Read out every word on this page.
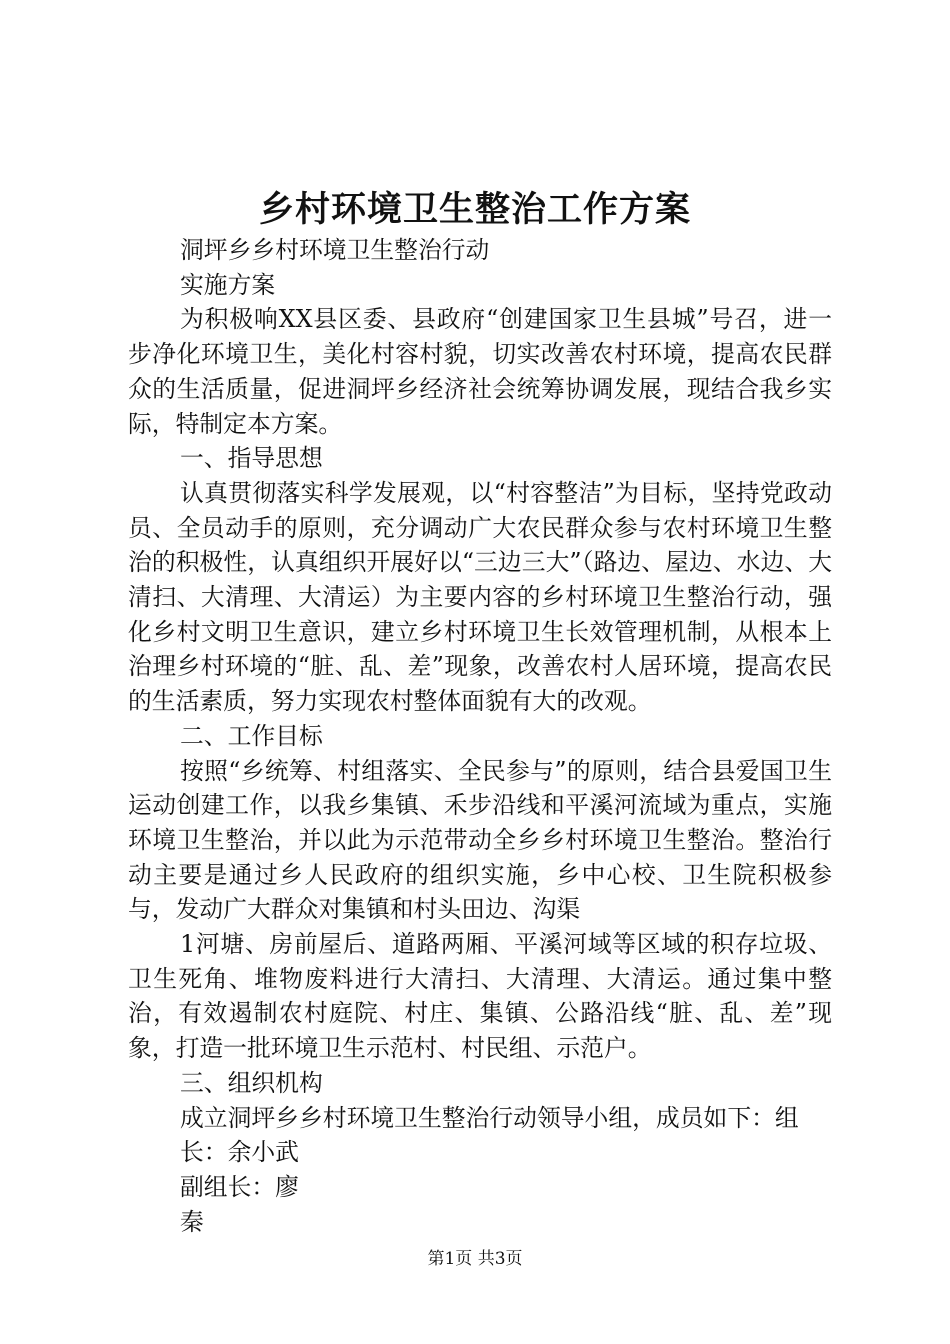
乡村环境卫生整治工作方案

洞坪乡乡村环境卫生整治行动

实施方案

为积极响XX县区委、县政府“创建国家卫生县城”号召，进一步净化环境卫生，美化村容村貌，切实改善农村环境，提高农民群众的生活质量，促进洞坪乡经济社会统筹协调发展，现结合我乡实际，特制定本方案。

一、指导思想

认真贯彻落实科学发展观，以“村容整洁”为目标，坚持党政动员、全员动手的原则，充分调动广大农民群众参与农村环境卫生整治的积极性，认真组织开展好以“三边三大”（路边、屋边、水边、大清扫、大清理、大清运）为主要内容的乡村环境卫生整治行动，强化乡村文明卫生意识，建立乡村环境卫生长效管理机制，从根本上治理乡村环境的“脏、乱、差”现象，改善农村人居环境，提高农民的生活素质，努力实现农村整体面貌有大的改观。

二、工作目标

按照“乡统筹、村组落实、全民参与”的原则，结合县爱国卫生运动创建工作，以我乡集镇、禾步沿线和平溪河流域为重点，实施环境卫生整治，并以此为示范带动全乡乡村环境卫生整治。整治行动主要是通过乡人民政府的组织实施，乡中心校、卫生院积极参与，发动广大群众对集镇和村头田边、沟渠

1河塘、房前屋后、道路两厢、平溪河域等区域的积存垃圾、卫生死角、堆物废料进行大清扫、大清理、大清运。通过集中整治，有效遏制农村庭院、村庄、集镇、公路沿线“脏、乱、差”现象，打造一批环境卫生示范村、村民组、示范户。

三、组织机构

成立洞坪乡乡村环境卫生整治行动领导小组，成员如下：组

长：余小武

副组长：廖

秦

第1页 共3页
